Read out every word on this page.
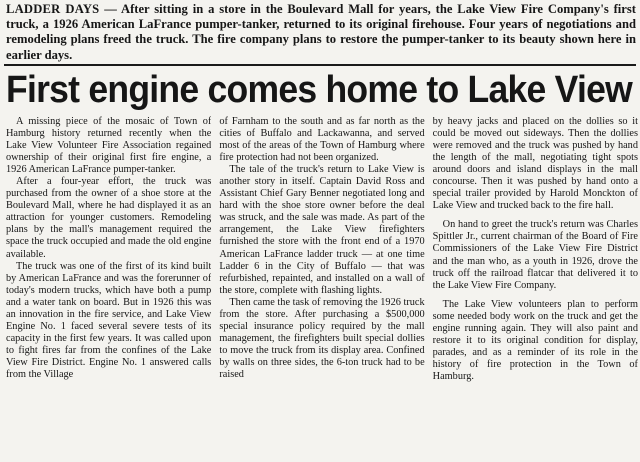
LADDER DAYS — After sitting in a store in the Boulevard Mall for years, the Lake View Fire Company's first truck, a 1926 American LaFrance pumper-tanker, returned to its original firehouse. Four years of negotiations and remodeling plans freed the truck. The fire company plans to restore the pumper-tanker to its beauty shown here in earlier days.
First engine comes home to Lake View

A missing piece of the mosaic of Town of Hamburg history returned recently when the Lake View Volunteer Fire Association regained ownership of their original first fire engine, a 1926 American LaFrance pumper-tanker.

After a four-year effort, the truck was purchased from the owner of a shoe store at the Boulevard Mall, where he had displayed it as an attraction for younger customers. Remodeling plans by the mall's management required the space the truck occupied and made the old engine available.

The truck was one of the first of its kind built by American LaFrance and was the forerunner of today's modern trucks, which have both a pump and a water tank on board. But in 1926 this was an innovation in the fire service, and Lake View Engine No. 1 faced several severe tests of its capacity in the first few years. It was called upon to fight fires far from the confines of the Lake View Fire District. Engine No. 1 answered calls from the Village

of Farnham to the south and as far north as the cities of Buffalo and Lackawanna, and served most of the areas of the Town of Hamburg where fire protection had not been organized.

The tale of the truck's return to Lake View is another story in itself. Captain David Ross and Assistant Chief Gary Benner negotiated long and hard with the shoe store owner before the deal was struck, and the sale was made. As part of the arrangement, the Lake View firefighters furnished the store with the front end of a 1970 American LaFrance ladder truck — at one time Ladder 6 in the City of Buffalo — that was refurbished, repainted, and installed on a wall of the store, complete with flashing lights.

Then came the task of removing the 1926 truck from the store. After purchasing a $500,000 special insurance policy required by the mall management, the firefighters built special dollies to move the truck from its display area. Confined by walls on three sides, the 6-ton truck had to be raised

by heavy jacks and placed on the dollies so it could be moved out sideways. Then the dollies were removed and the truck was pushed by hand the length of the mall, negotiating tight spots around doors and island displays in the mall concourse. Then it was pushed by hand onto a special trailer provided by Harold Monckton of Lake View and trucked back to the fire hall.

On hand to greet the truck's return was Charles Spittler Jr., current chairman of the Board of Fire Commissioners of the Lake View Fire District and the man who, as a youth in 1926, drove the truck off the railroad flatcar that delivered it to the Lake View Fire Company.

The Lake View volunteers plan to perform some needed body work on the truck and get the engine running again. They will also paint and restore it to its original condition for display, parades, and as a reminder of its role in the history of fire protection in the Town of Hamburg.
